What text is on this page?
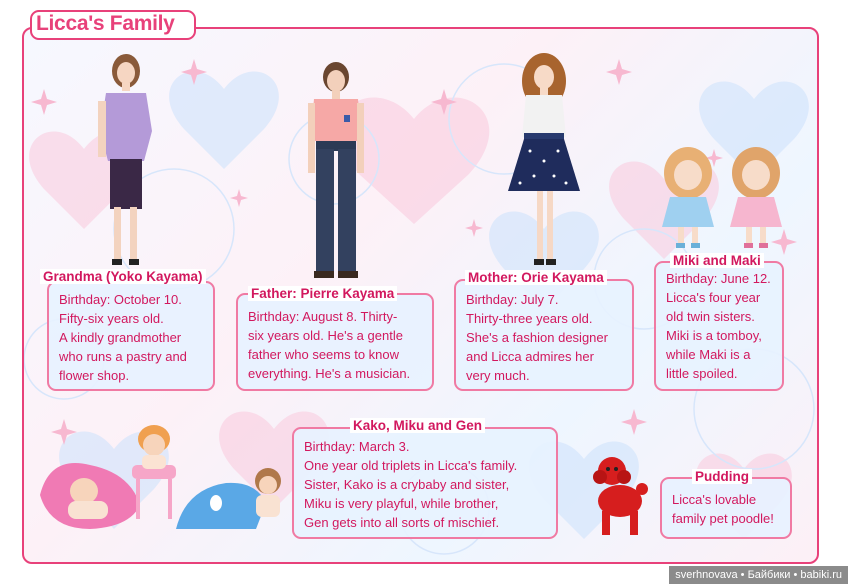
Birthday: October 10.
Fifty-six years old.
A kindly grandmother
who runs a pastry and
flower shop.
Grandma (Yoko Kayama)
Birthday: August 8. Thirty-
six years old. He's a gentle
father who seems to know
everything. He's a musician.
Father: Pierre Kayama	Birthday: July 7.
Thirty-three years old.
She's a fashion designer
and Licca admires her
very much.
Mother: Orie Kayama	Birthday: June 12.
Licca's four year
old twin sisters.
Miki is a tomboy,
while Maki is a
little spoiled.
Miki and Maki
Birthday: March 3.
One year old triplets in Licca's family.
Sister, Kako is a crybaby and sister,
Miku is very playful, while brother,
Gen gets into all sorts of mischief.
Kako, Miku and Gen
Licca's lovable
family pet poodle!
Pudding
Licca's Family
sverhnovava • Байбики • babiki.ru
